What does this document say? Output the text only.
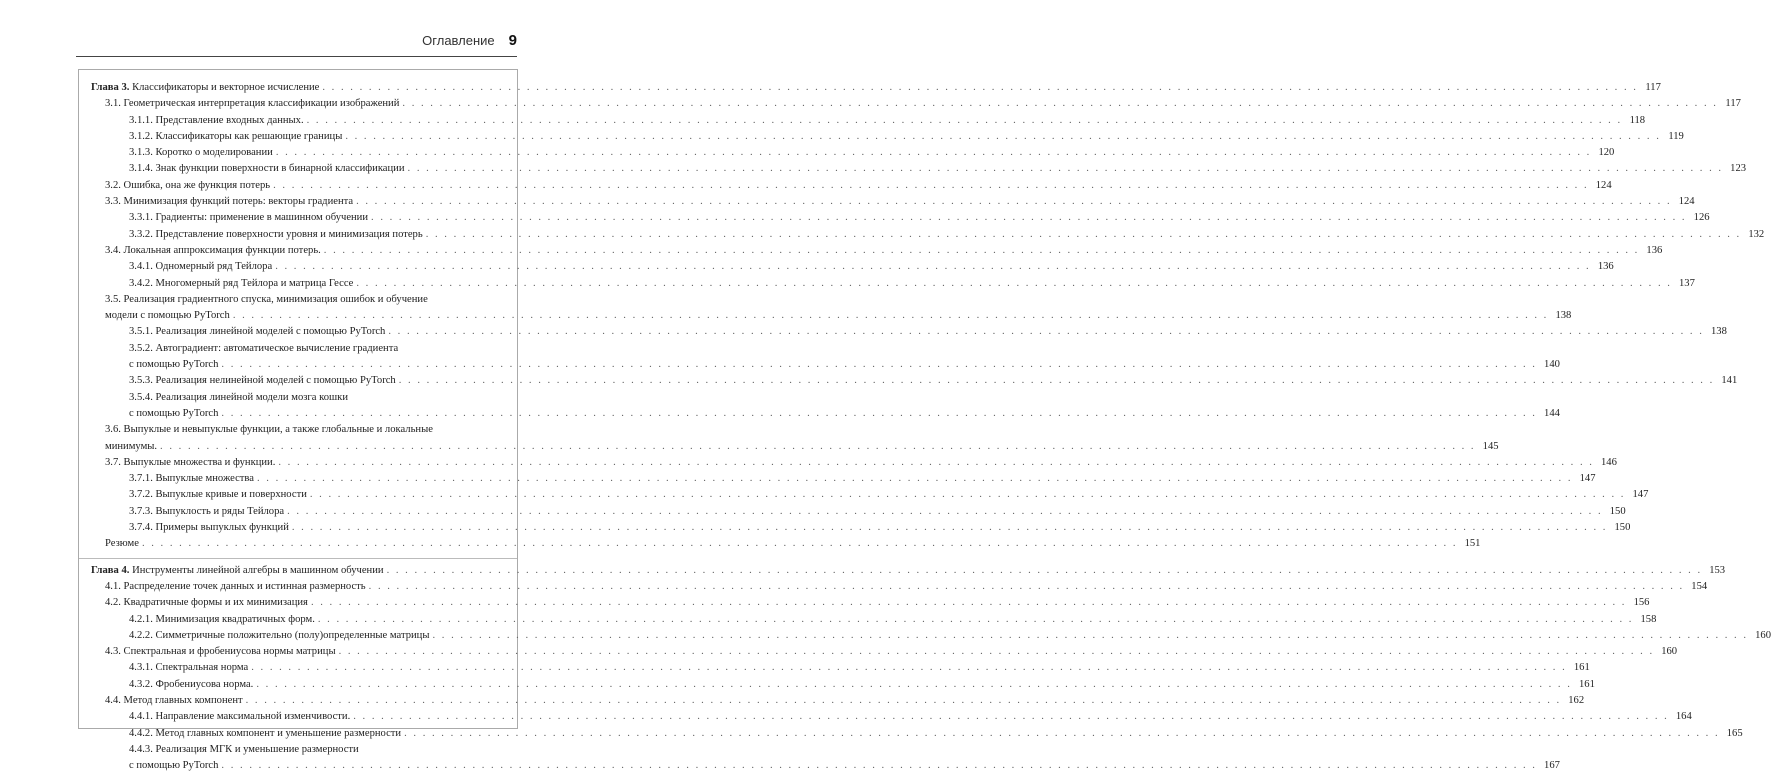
Оглавление 9
Глава 3. Классификаторы и векторное исчисление . . .	117
3.1. Геометрическая интерпретация классификации изображений . . .	117
3.1.1. Представление входных данных. . . .	118
3.1.2. Классификаторы как решающие границы . . .	119
3.1.3. Коротко о моделировании . . .	120
3.1.4. Знак функции поверхности в бинарной классификации . . .	123
3.2. Ошибка, она же функция потерь . . .	124
3.3. Минимизация функций потерь: векторы градиента . . .	124
3.3.1. Градиенты: применение в машинном обучении . . .	126
3.3.2. Представление поверхности уровня и минимизация потерь . . .	132
3.4. Локальная аппроксимация функции потерь. . . .	136
3.4.1. Одномерный ряд Тейлора . . .	136
3.4.2. Многомерный ряд Тейлора и матрица Гессе . . .	137
3.5. Реализация градиентного спуска, минимизация ошибок и обучение
модели с помощью PyTorch . . .	138
3.5.1. Реализация линейной моделей с помощью PyTorch . . .	138
3.5.2. Автоградиент: автоматическое вычисление градиента
с помощью PyTorch . . .	140
3.5.3. Реализация нелинейной моделей с помощью PyTorch . . .	141
3.5.4. Реализация линейной модели мозга кошки
с помощью PyTorch . . .	144
3.6. Выпуклые и невыпуклые функции, а также глобальные и локальные
минимумы. . . .	145
3.7. Выпуклые множества и функции. . . .	146
3.7.1. Выпуклые множества . . .	147
3.7.2. Выпуклые кривые и поверхности . . .	147
3.7.3. Выпуклость и ряды Тейлора . . .	150
3.7.4. Примеры выпуклых функций . . .	150
Резюме . . .	151
Глава 4. Инструменты линейной алгебры в машинном обучении . . .	153
4.1. Распределение точек данных и истинная размерность . . .	154
4.2. Квадратичные формы и их минимизация . . .	156
4.2.1. Минимизация квадратичных форм. . . .	158
4.2.2. Симметричные положительно (полу)определенные матрицы . . .	160
4.3. Спектральная и фробениусова нормы матрицы . . .	160
4.3.1. Спектральная норма . . .	161
4.3.2. Фробениусова норма. . . .	161
4.4. Метод главных компонент . . .	162
4.4.1. Направление максимальной изменчивости. . . .	164
4.4.2. Метод главных компонент и уменьшение размерности . . .	165
4.4.3. Реализация МГК и уменьшение размерности
с помощью PyTorch . . .	167
